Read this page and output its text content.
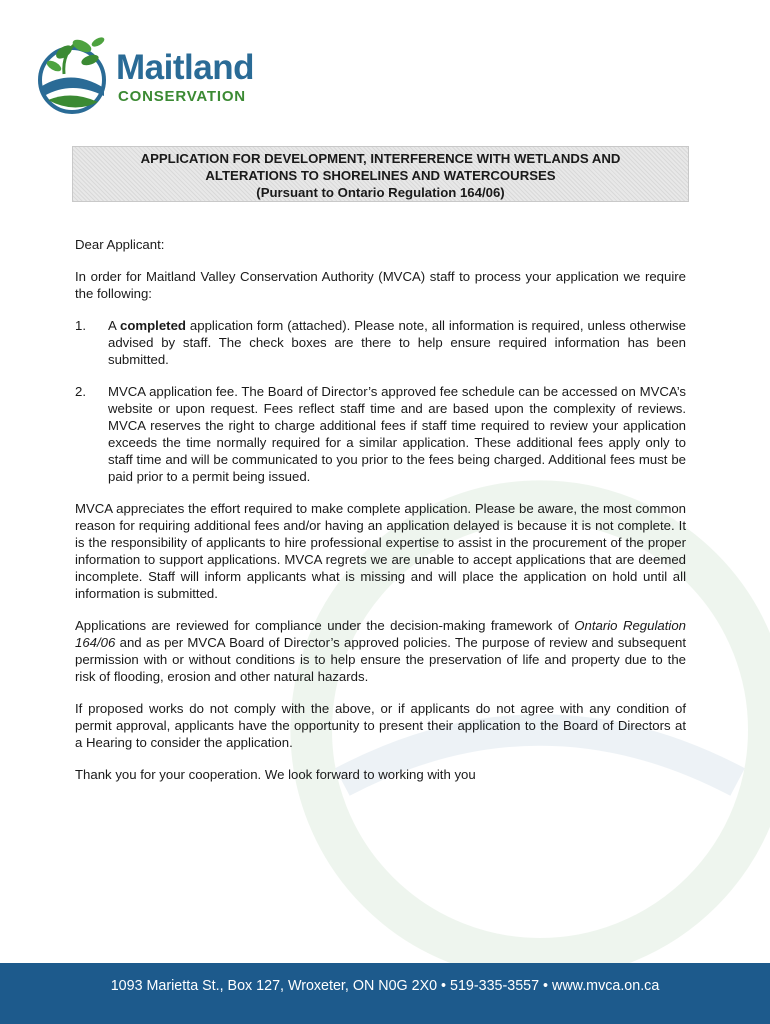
Maitland
CONSERVATION
APPLICATION FOR DEVELOPMENT, INTERFERENCE WITH WETLANDS AND
ALTERATIONS TO SHORELINES AND WATERCOURSES
(Pursuant to Ontario Regulation 164/06)

Dear Applicant:

In order for Maitland Valley Conservation Authority (MVCA) staff to process your application we require the following:

1. A completed application form (attached). Please note, all information is required, unless otherwise advised by staff. The check boxes are there to help ensure required information has been submitted.
2. MVCA application fee. The Board of Director’s approved fee schedule can be accessed on MVCA’s website or upon request. Fees reflect staff time and are based upon the complexity of reviews. MVCA reserves the right to charge additional fees if staff time required to review your application exceeds the time normally required for a similar application. These additional fees apply only to staff time and will be communicated to you prior to the fees being charged. Additional fees must be paid prior to a permit being issued.

MVCA appreciates the effort required to make complete application. Please be aware, the most common reason for requiring additional fees and/or having an application delayed is because it is not complete. It is the responsibility of applicants to hire professional expertise to assist in the procurement of the proper information to support applications. MVCA regrets we are unable to accept applications that are deemed incomplete. Staff will inform applicants what is missing and will place the application on hold until all information is submitted.

Applications are reviewed for compliance under the decision-making framework of Ontario Regulation 164/06 and as per MVCA Board of Director’s approved policies. The purpose of review and subsequent permission with or without conditions is to help ensure the preservation of life and property due to the risk of flooding, erosion and other natural hazards.

If proposed works do not comply with the above, or if applicants do not agree with any condition of permit approval, applicants have the opportunity to present their application to the Board of Directors at a Hearing to consider the application.

Thank you for your cooperation. We look forward to working with you

1093 Marietta St., Box 127, Wroxeter, ON N0G 2X0 • 519-335-3557 • www.mvca.on.ca
